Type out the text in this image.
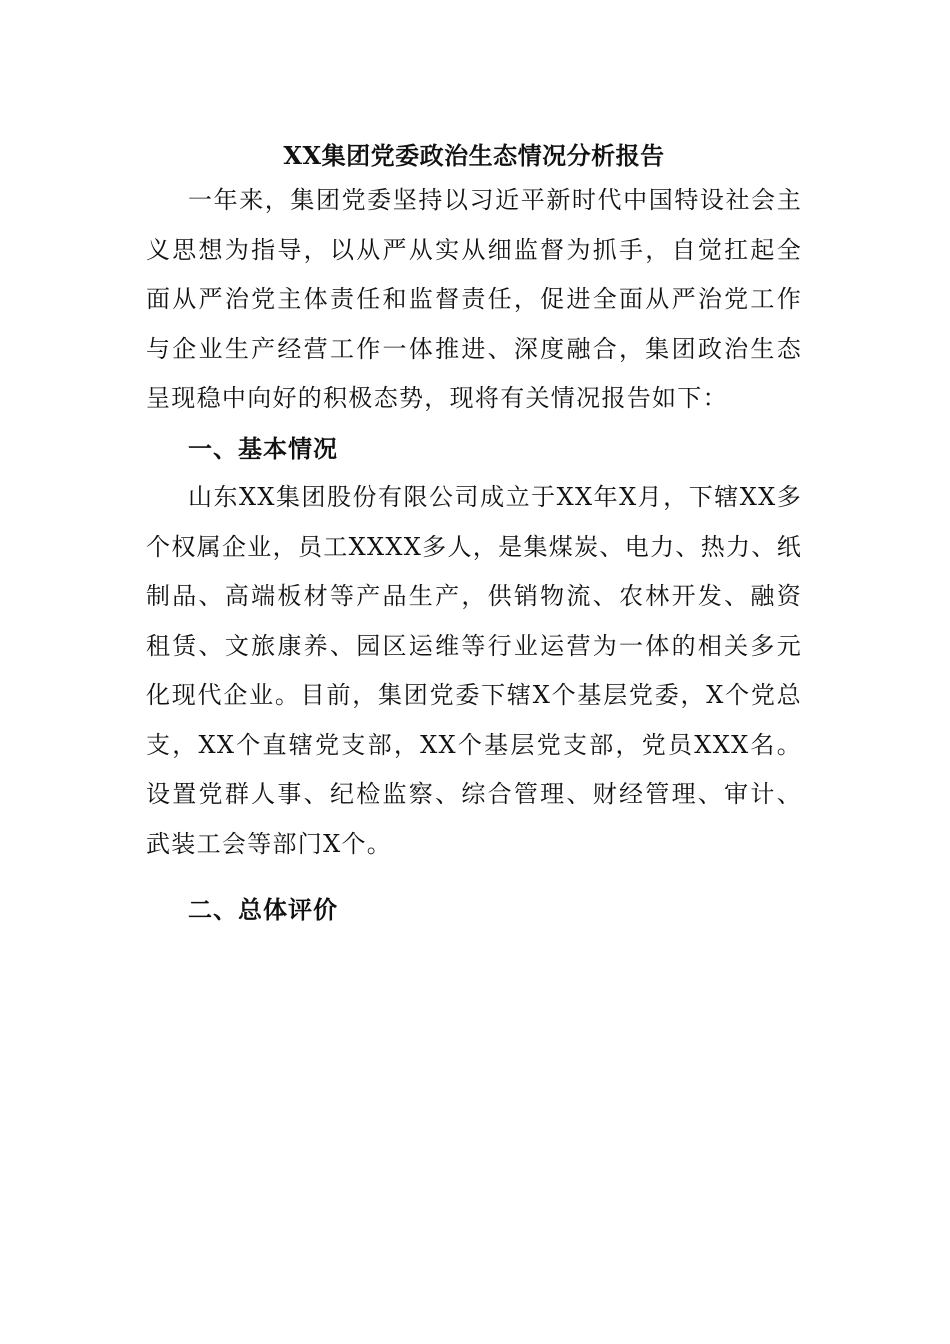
XX集团党委政治生态情况分析报告

一年来，集团党委坚持以习近平新时代中国特设社会主义思想为指导，以从严从实从细监督为抓手，自觉扛起全面从严治党主体责任和监督责任，促进全面从严治党工作与企业生产经营工作一体推进、深度融合，集团政治生态呈现稳中向好的积极态势，现将有关情况报告如下：

一、基本情况

山东XX集团股份有限公司成立于XX年X月，下辖XX多个权属企业，员工XXXX多人，是集煤炭、电力、热力、纸制品、高端板材等产品生产，供销物流、农林开发、融资租赁、文旅康养、园区运维等行业运营为一体的相关多元化现代企业。目前，集团党委下辖X个基层党委，X个党总支，XX个直辖党支部，XX个基层党支部，党员XXX名。设置党群人事、纪检监察、综合管理、财经管理、审计、武装工会等部门X个。

二、总体评价
